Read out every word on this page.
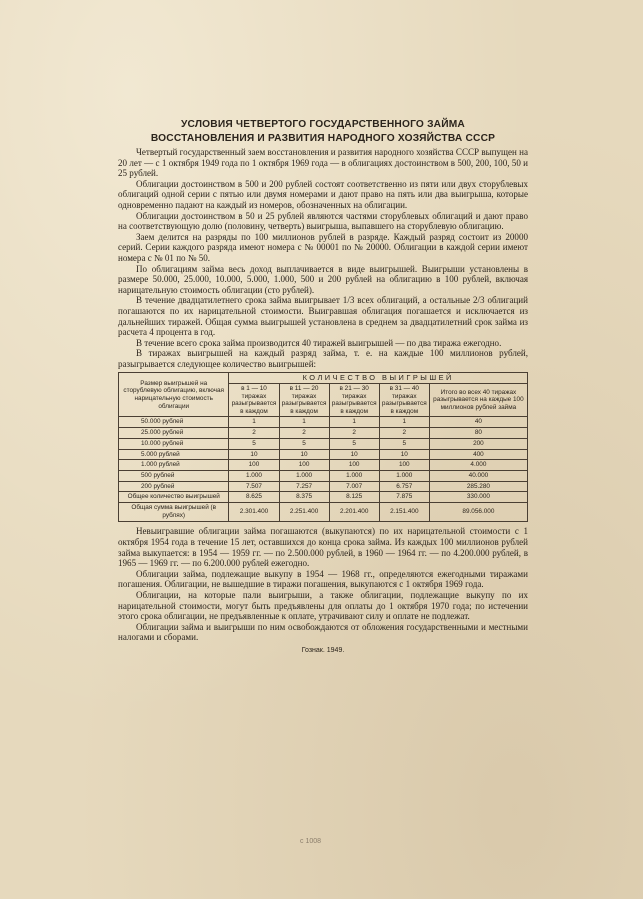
УСЛОВИЯ ЧЕТВЕРТОГО ГОСУДАРСТВЕННОГО ЗАЙМА
ВОССТАНОВЛЕНИЯ И РАЗВИТИЯ НАРОДНОГО ХОЗЯЙСТВА СССР

Четвертый государственный заем восстановления и развития народного хозяйства СССР выпущен на 20 лет — с 1 октября 1949 года по 1 октября 1969 года — в облигациях достоинством в 500, 200, 100, 50 и 25 рублей.

Облигации достоинством в 500 и 200 рублей состоят соответственно из пяти или двух сторублевых облигаций одной серии с пятью или двумя номерами и дают право на пять или два выигрыша, которые одновременно падают на каждый из номеров, обозначенных на облигации.

Облигации достоинством в 50 и 25 рублей являются частями сторублевых облигаций и дают право на соответствующую долю (половину, четверть) выигрыша, выпавшего на сторублевую облигацию.

Заем делится на разряды по 100 миллионов рублей в разряде. Каждый разряд состоит из 20000 серий. Серии каждого разряда имеют номера с № 00001 по № 20000. Облигации в каждой серии имеют номера с № 01 по № 50.

По облигациям займа весь доход выплачивается в виде выигрышей. Выигрыши установлены в размере 50.000, 25.000, 10.000, 5.000, 1.000, 500 и 200 рублей на облигацию в 100 рублей, включая нарицательную стоимость облигации (сто рублей).

В течение двадцатилетнего срока займа выигрывает 1/3 всех облигаций, а остальные 2/3 облигаций погашаются по их нарицательной стоимости. Выигравшая облигация погашается и исключается из дальнейших тиражей. Общая сумма выигрышей установлена в среднем за двадцатилетний срок займа из расчета 4 процента в год.

В течение всего срока займа производится 40 тиражей выигрышей — по два тиража ежегодно.

В тиражах выигрышей на каждый разряд займа, т. е. на каждые 100 миллионов рублей, разыгрывается следующее количество выигрышей:

Размер выигрышей на сторублевую облигацию, включая нарицательную стоимость облигации	КОЛИЧЕСТВО ВЫИГРЫШЕЙ				
	в 1 — 10 тиражах разыгрывается в каждом	в 11 — 20 тиражах разыгрывается в каждом	в 21 — 30 тиражах разыгрывается в каждом	в 31 — 40 тиражах разыгрывается в каждом	Итого во всех 40 тиражах разыгрывается на каждые 100 миллионов рублей займа
50.000 рублей	1	1	1	1	40
25.000 рублей	2	2	2	2	80
10.000 рублей	5	5	5	5	200
5.000 рублей	10	10	10	10	400
1.000 рублей	100	100	100	100	4.000
500 рублей	1.000	1.000	1.000	1.000	40.000
200 рублей	7.507	7.257	7.007	6.757	285.280
Общее количество выигрышей	8.625	8.375	8.125	7.875	330.000
Общая сумма выигрышей (в рублях)	2.301.400	2.251.400	2.201.400	2.151.400	89.056.000

Невыигравшие облигации займа погашаются (выкупаются) по их нарицательной стоимости с 1 октября 1954 года в течение 15 лет, оставшихся до конца срока займа. Из каждых 100 миллионов рублей займа выкупается: в 1954 — 1959 гг. — по 2.500.000 рублей, в 1960 — 1964 гг. — по 4.200.000 рублей, в 1965 — 1969 гг. — по 6.200.000 рублей ежегодно.

Облигации займа, подлежащие выкупу в 1954 — 1968 гг., определяются ежегодными тиражами погашения. Облигации, не вышедшие в тиражи погашения, выкупаются с 1 октября 1969 года.

Облигации, на которые пали выигрыши, а также облигации, подлежащие выкупу по их нарицательной стоимости, могут быть предъявлены для оплаты до 1 октября 1970 года; по истечении этого срока облигации, не предъявленные к оплате, утрачивают силу и оплате не подлежат.

Облигации займа и выигрыши по ним освобождаются от обложения государственными и местными налогами и сборами.

Гознак. 1949.
c 1008
